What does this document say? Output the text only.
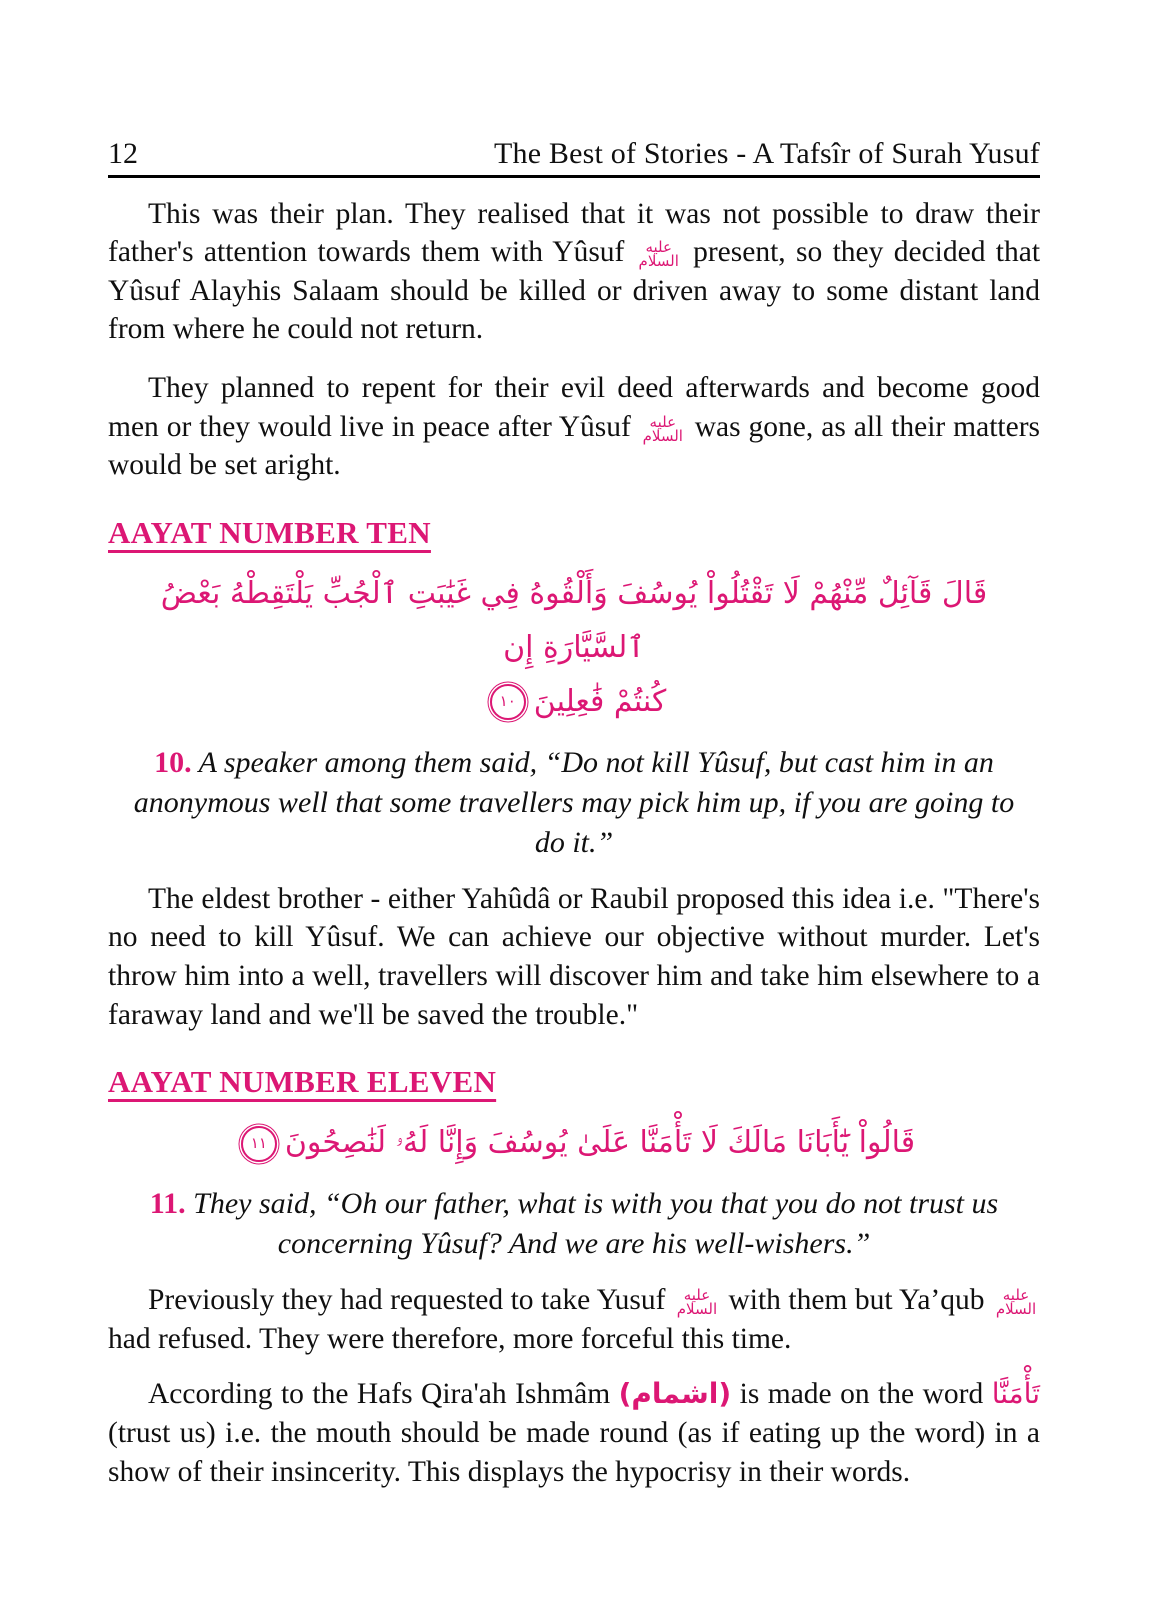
12	The Best of Stories - A Tafsîr of Surah Yusuf

This was their plan. They realised that it was not possible to draw their father's attention towards them with Yûsuf عليه السلام present, so they decided that Yûsuf Alayhis Salaam should be killed or driven away to some distant land from where he could not return.

They planned to repent for their evil deed afterwards and become good men or they would live in peace after Yûsuf عليه السلام was gone, as all their matters would be set aright.

AAYAT NUMBER TEN
قَالَ قَآئِلٌ مِّنْهُمْ لَا تَقْتُلُواْ يُوسُفَ وَأَلْقُوهُ فِي غَيَٰبَتِ ٱلْجُبِّ يَلْتَقِطْهُ بَعْضُ ٱلسَّيَّارَةِ إِن
كُنتُمْ فَٰعِلِينَ١٠

10. A speaker among them said, “Do not kill Yûsuf, but cast him in an anonymous well that some travellers may pick him up, if you are going to do it.”

The eldest brother - either Yahûdâ or Raubil proposed this idea i.e. "There's no need to kill Yûsuf. We can achieve our objective without murder. Let's throw him into a well, travellers will discover him and take him elsewhere to a faraway land and we'll be saved the trouble."

AAYAT NUMBER ELEVEN
قَالُواْ يَٰٓأَبَانَا مَالَكَ لَا تَأْمَنَّا عَلَىٰ يُوسُفَ وَإِنَّا لَهُۥ لَنَٰصِحُونَ١١

11. They said, “Oh our father, what is with you that you do not trust us concerning Yûsuf? And we are his well-wishers.”

Previously they had requested to take Yusuf عليه السلام with them but Ya’qub عليه السلام had refused. They were therefore, more forceful this time.

According to the Hafs Qira'ah Ishmâm (اشمام) is made on the word تَأْمَنَّا (trust us) i.e. the mouth should be made round (as if eating up the word) in a show of their insincerity. This displays the hypocrisy in their words.
